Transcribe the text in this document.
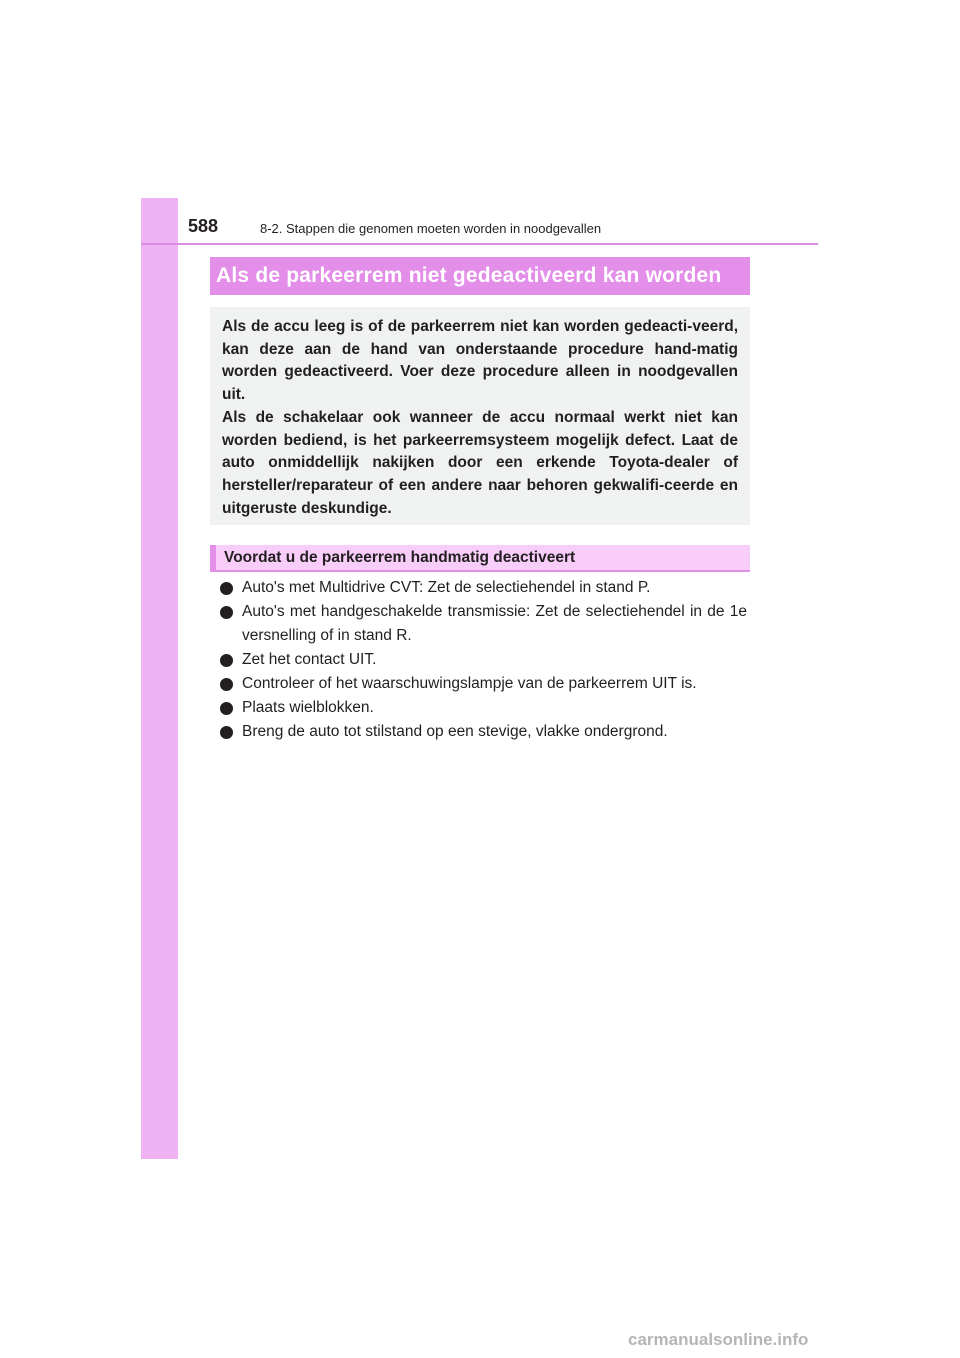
588	8-2. Stappen die genomen moeten worden in noodgevallen
Als de parkeerrem niet gedeactiveerd kan worden

Als de accu leeg is of de parkeerrem niet kan worden gedeacti-veerd, kan deze aan de hand van onderstaande procedure hand-matig worden gedeactiveerd. Voer deze procedure alleen in noodgevallen uit.

Als de schakelaar ook wanneer de accu normaal werkt niet kan worden bediend, is het parkeerremsysteem mogelijk defect. Laat de auto onmiddellijk nakijken door een erkende Toyota-dealer of hersteller/reparateur of een andere naar behoren gekwalifi-ceerde en uitgeruste deskundige.

Voordat u de parkeerrem handmatig deactiveert
Auto's met Multidrive CVT: Zet de selectiehendel in stand P.
Auto's met handgeschakelde transmissie: Zet de selectiehendel in de 1e versnelling of in stand R.
Zet het contact UIT.
Controleer of het waarschuwingslampje van de parkeerrem UIT is.
Plaats wielblokken.
Breng de auto tot stilstand op een stevige, vlakke ondergrond.
carmanualsonline.info
